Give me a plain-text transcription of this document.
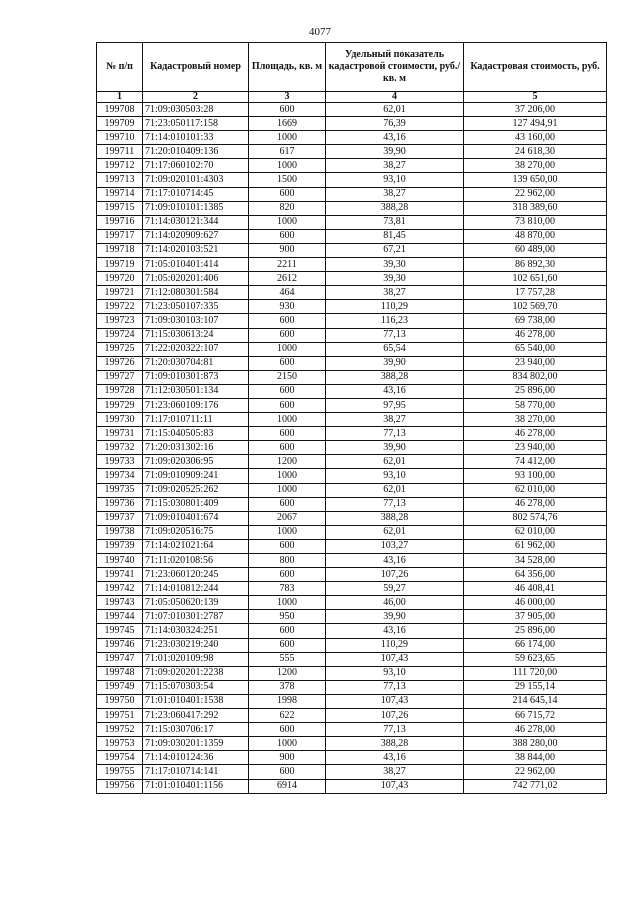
4077
№ п/п	Кадастровый номер	Площадь, кв. м	Удельный показатель кадастровой стоимости, руб./кв. м	Кадастровая стоимость, руб.
1	2	3	4	5
199708	71:09:030503:28	600	62,01	37 206,00
199709	71:23:050117:158	1669	76,39	127 494,91
199710	71:14:010101:33	1000	43,16	43 160,00
199711	71:20:010409:136	617	39,90	24 618,30
199712	71:17:060102:70	1000	38,27	38 270,00
199713	71:09:020101:4303	1500	93,10	139 650,00
199714	71:17:010714:45	600	38,27	22 962,00
199715	71:09:010101:1385	820	388,28	318 389,60
199716	71:14:030121:344	1000	73,81	73 810,00
199717	71:14:020909:627	600	81,45	48 870,00
199718	71:14:020103:521	900	67,21	60 489,00
199719	71:05:010401:414	2211	39,30	86 892,30
199720	71:05:020201:406	2612	39,30	102 651,60
199721	71:12:080301:584	464	38,27	17 757,28
199722	71:23:050107:335	930	110,29	102 569,70
199723	71:09:030103:107	600	116,23	69 738,00
199724	71:15:030613:24	600	77,13	46 278,00
199725	71:22:020322:107	1000	65,54	65 540,00
199726	71:20:030704:81	600	39,90	23 940,00
199727	71:09:010301:873	2150	388,28	834 802,00
199728	71:12:030501:134	600	43,16	25 896,00
199729	71:23:060109:176	600	97,95	58 770,00
199730	71:17:010711:11	1000	38,27	38 270,00
199731	71:15:040505:83	600	77,13	46 278,00
199732	71:20:031302:16	600	39,90	23 940,00
199733	71:09:020306:95	1200	62,01	74 412,00
199734	71:09:010909:241	1000	93,10	93 100,00
199735	71:09:020525:262	1000	62,01	62 010,00
199736	71:15:030801:409	600	77,13	46 278,00
199737	71:09:010401:674	2067	388,28	802 574,76
199738	71:09:020516:75	1000	62,01	62 010,00
199739	71:14:021021:64	600	103,27	61 962,00
199740	71:11:020108:56	800	43,16	34 528,00
199741	71:23:060120:245	600	107,26	64 356,00
199742	71:14:010812:244	783	59,27	46 408,41
199743	71:05:050620:139	1000	46,00	46 000,00
199744	71:07:010301:2787	950	39,90	37 905,00
199745	71:14:030324:251	600	43,16	25 896,00
199746	71:23:030219:240	600	110,29	66 174,00
199747	71:01:020109:98	555	107,43	59 623,65
199748	71:09:020201:2238	1200	93,10	111 720,00
199749	71:15:070303:54	378	77,13	29 155,14
199750	71:01:010401:1538	1998	107,43	214 645,14
199751	71:23:060417:292	622	107,26	66 715,72
199752	71:15:030706:17	600	77,13	46 278,00
199753	71:09:030201:1359	1000	388,28	388 280,00
199754	71:14:010124:36	900	43,16	38 844,00
199755	71:17:010714:141	600	38,27	22 962,00
199756	71:01:010401:1156	6914	107,43	742 771,02
